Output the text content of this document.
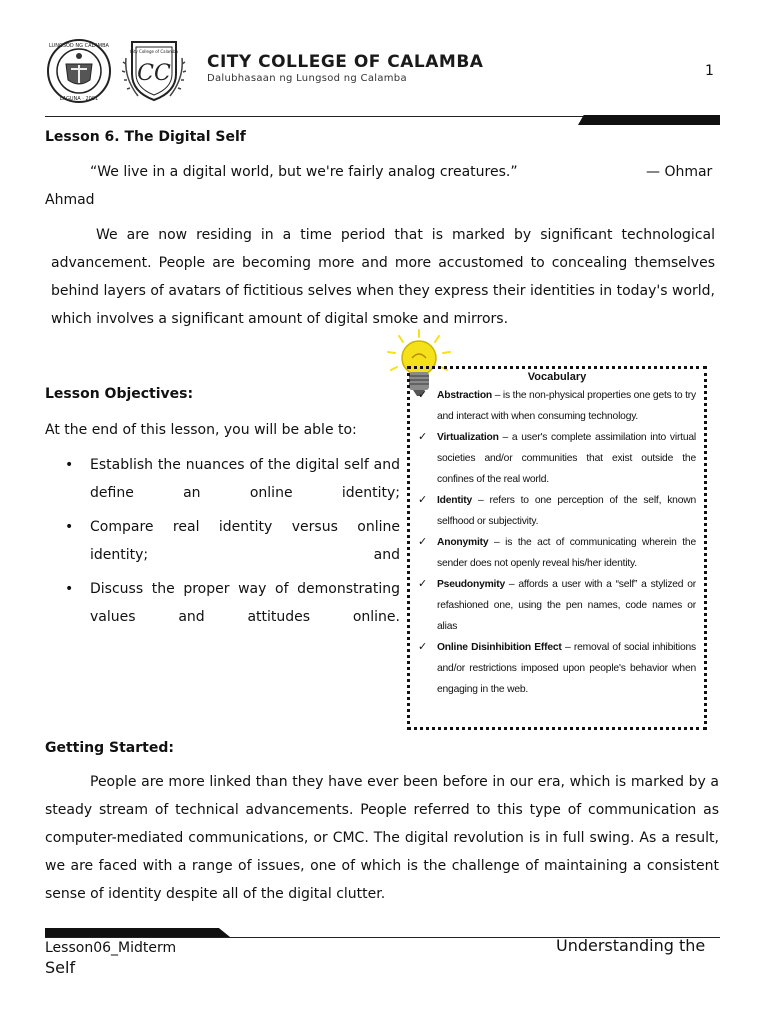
LUNGSOD NG CALAMBA
LAGUNA · 2001
City College of Calamba
CC CITY COLLEGE OF CALAMBA
Dalubhasaan ng Lungsod ng Calamba	1
Lesson 6. The Digital Self
“We live in a digital world, but we're fairly analog creatures.”	— Ohmar
Ahmad
We are now residing in a time period that is marked by significant technological advancement. People are becoming more and more accustomed to concealing themselves behind layers of avatars of fictitious selves when they express their identities in today's world, which involves a significant amount of digital smoke and mirrors.
Lesson Objectives:
At the end of this lesson, you will be able to:
• Establish the nuances of the digital self and define an online identity;
• Compare real identity versus online identity; and
• Discuss the proper way of demonstrating values and attitudes online.
Vocabulary
✓ Abstraction – is the non-physical properties one gets to try and interact with when consuming technology.
✓ Virtualization – a user's complete assimilation into virtual societies and/or communities that exist outside the confines of the real world.
✓ Identity – refers to one perception of the self, known selfhood or subjectivity.
✓ Anonymity – is the act of communicating wherein the sender does not openly reveal his/her identity.
✓ Pseudonymity – affords a user with a “self” a stylized or refashioned one, using the pen names, code names or alias
✓ Online Disinhibition Effect – removal of social inhibitions and/or restrictions imposed upon people's behavior when engaging in the web.
Getting Started:
People are more linked than they have ever been before in our era, which is marked by a steady stream of technical advancements. People referred to this type of communication as computer-mediated communications, or CMC. The digital revolution is in full swing. As a result, we are faced with a range of issues, one of which is the challenge of maintaining a consistent sense of identity despite all of the digital clutter.
Lesson06_Midterm
Self
Understanding the
